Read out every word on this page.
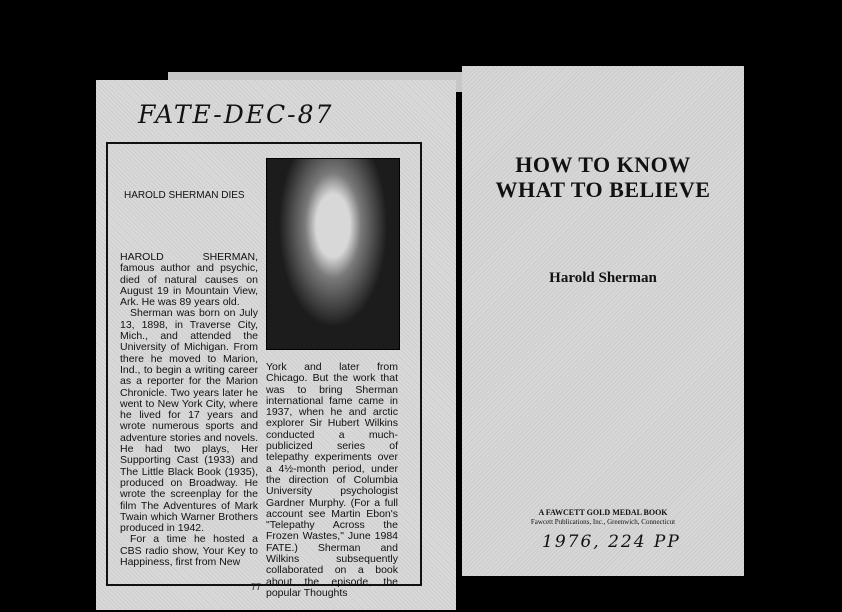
FATE-DEC-87
HAROLD SHERMAN DIES

HAROLD SHERMAN, famous author and psychic, died of natural causes on August 19 in Mountain View, Ark. He was 89 years old.

Sherman was born on July 13, 1898, in Traverse City, Mich., and attended the University of Michigan. From there he moved to Marion, Ind., to begin a writing career as a reporter for the Marion Chronicle. Two years later he went to New York City, where he lived for 17 years and wrote numerous sports and adventure stories and novels. He had two plays, Her Supporting Cast (1933) and The Little Black Book (1935), produced on Broadway. He wrote the screenplay for the film The Adventures of Mark Twain which Warner Brothers produced in 1942.

For a time he hosted a CBS radio show, Your Key to Happiness, first from New

York and later from Chicago. But the work that was to bring Sherman international fame came in 1937, when he and arctic explorer Sir Hubert Wilkins conducted a much-publicized series of telepathy experiments over a 4½-month period, under the direction of Columbia University psychologist Gardner Murphy. (For a full account see Martin Ebon's "Telepathy Across the Frozen Wastes," June 1984 FATE.) Sherman and Wilkins subsequently collaborated on a book about the episode, the popular Thoughts

77
HOW TO KNOW
WHAT TO BELIEVE
Harold Sherman
A FAWCETT GOLD MEDAL BOOK
Fawcett Publications, Inc., Greenwich, Connecticut
1976, 224 PP
